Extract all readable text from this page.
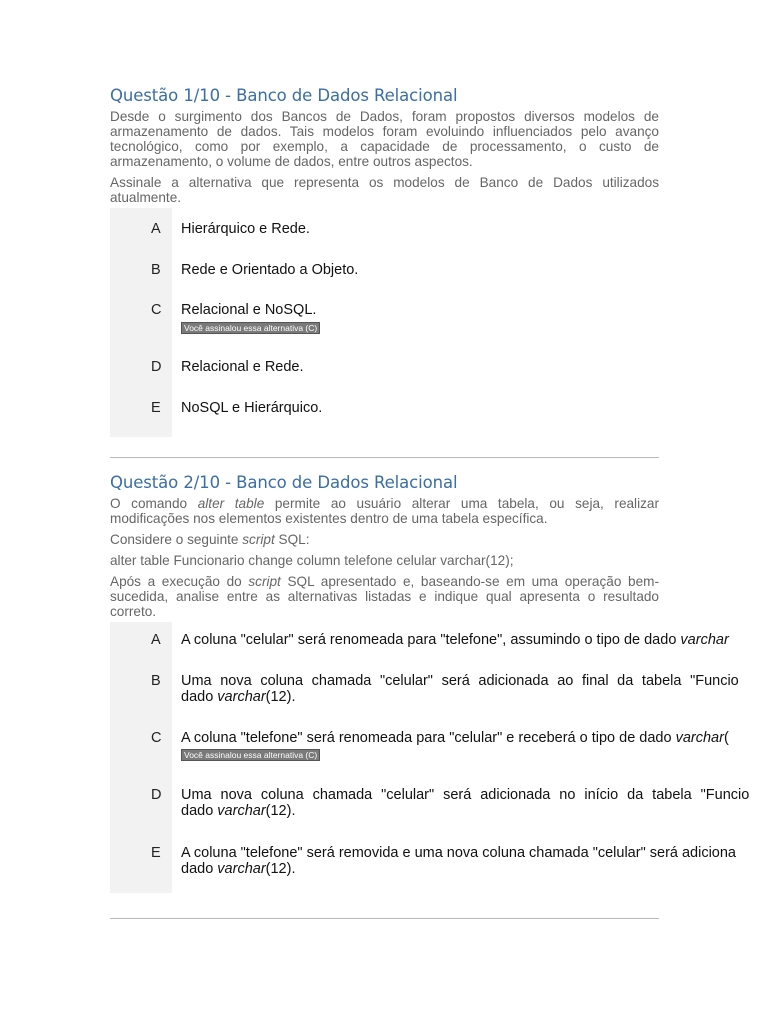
Questão 1/10 - Banco de Dados Relacional

Desde o surgimento dos Bancos de Dados, foram propostos diversos modelos de armazenamento de dados. Tais modelos foram evoluindo influenciados pelo avanço tecnológico, como por exemplo, a capacidade de processamento, o custo de armazenamento, o volume de dados, entre outros aspectos.

Assinale a alternativa que representa os modelos de Banco de Dados utilizados atualmente.

A	Hierárquico e Rede.
B	Rede e Orientado a Objeto.
C	Relacional e NoSQL.
Você assinalou essa alternativa (C)
D	Relacional e Rede.
E	NoSQL e Hierárquico.
Questão 2/10 - Banco de Dados Relacional

O comando alter table permite ao usuário alterar uma tabela, ou seja, realizar modificações nos elementos existentes dentro de uma tabela específica.

Considere o seguinte script SQL:

alter table Funcionario change column telefone celular varchar(12);

Após a execução do script SQL apresentado e, baseando-se em uma operação bem-sucedida, analise entre as alternativas listadas e indique qual apresenta o resultado correto.

A	A coluna "celular" será renomeada para "telefone", assumindo o tipo de dado varchar
B	Uma nova coluna chamada "celular" será adicionada ao final da tabela "Funcio
dado varchar(12).
C	A coluna "telefone" será renomeada para "celular" e receberá o tipo de dado varchar(
Você assinalou essa alternativa (C)
D	Uma nova coluna chamada "celular" será adicionada no início da tabela "Funcio
dado varchar(12).
E	A coluna "telefone" será removida e uma nova coluna chamada "celular" será adiciona
dado varchar(12).
